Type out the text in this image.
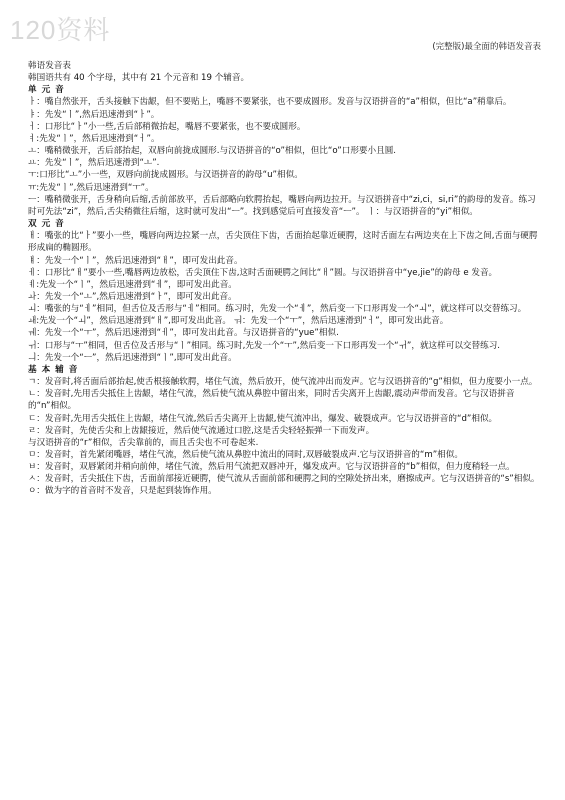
120资料
(完整版)最全面的韩语发音表

韩语发音表

韩国语共有 40 个字母，其中有 21 个元音和 19 个辅音。

单 元 音

ㅏ：嘴自然张开，舌头接触下齿龈，但不要贴上，嘴唇不要紧张，也不要成圆形。发音与汉语拼音的“a”相似，但比“a”稍靠后。

ㅑ：先发“ㅣ”,然后迅速滑到“ㅏ”。

ㅓ：口形比“ㅏ”小一些,舌后部稍微抬起，嘴唇不要紧张，也不要成圆形。

ㅕ:先发“ㅣ”，然后迅速滑到“ㅓ”。

ㅗ：嘴稍微张开，舌后部抬起，双唇向前拢成圆形.与汉语拼音的“o”相似，但比“o”口形要小且圆.

ㅛ：先发“ㅣ”，然后迅速滑到“ㅗ”.

ㅜ:口形比“ㅗ”小一些，双唇向前拢成圆形。与汉语拼音的韵母“u”相似。

ㅠ:先发“ㅣ”,然后迅速滑到“ㅜ”。

ㅡ：嘴稍微张开，舌身稍向后缩,舌前部放平，舌后部略向软腭抬起，嘴唇向两边拉开。与汉语拼音中“zi,ci，si,ri”的韵母的发音。练习时可先法“zi”，然后,舌尖稍微往后缩，这时就可发出“ㅡ”。找到感觉后可直接发音“ㅡ”。 ㅣ：与汉语拼音的“yi”相似。

双 元 音

ㅐ：嘴张的比“ㅏ”要小一些，嘴唇向两边拉紧一点，舌尖顶住下齿，舌面抬起靠近硬腭，这时舌面左右两边夹在上下齿之间,舌面与硬腭形成扁的椭圆形。

ㅒ：先发一个“ㅣ”，然后迅速滑到“ㅐ”，即可发出此音。

ㅔ：口形比“ㅐ”要小一些,嘴唇两边放松，舌尖顶住下齿,这时舌面硬腭之间比“ㅐ”圆。与汉语拼音中“ye,jie”的韵母 e 发音。

ㅖ:先发一个“ㅣ”，然后迅速滑到“ㅔ”，即可发出此音。

ㅘ：先发一个“ㅗ”,然后迅速滑到“ㅏ”，即可发出此音。

ㅚ：嘴张的与“ㅔ”相同，但舌位及舌形与“ㅔ”相同。练习时，先发一个“ㅔ”，然后变一下口形再发一个“ㅚ”，就这样可以交替练习。

ㅙ:先发一个“ㅚ”，然后迅速滑到“ㅐ”,即可发出此音。 ㅝ：先发一个“ㅜ”，然后迅速滑到“ㅓ”，即可发出此音。

ㅞ：先发一个“ㅜ”，然后迅速滑到“ㅔ”，即可发出此音。与汉语拼音的“yue”相似.

ㅟ：口形与“ㅜ”相同，但舌位及舌形与“ㅣ”相同。练习时,先发一个“ㅜ”,然后变一下口形再发一个“ㅟ”，就这样可以交替练习.

ㅢ：先发一个“ㅡ”，然后迅速滑到“ㅣ”,即可发出此音。

基 本 辅 音

ㄱ：发音时,将舌面后部抬起,使舌根接触软腭，堵住气流，然后放开，使气流冲出而发声。它与汉语拼音的“g”相似，但力度要小一点。

ㄴ：发音时,先用舌尖抵住上齿龈，堵住气流，然后使气流从鼻腔中留出来，同时舌尖离开上齿龈,震动声带而发音。它与汉语拼音的“n”相似。

ㄷ：发音时,先用舌尖抵住上齿龈，堵住气流,然后舌尖离开上齿龈,使气流冲出，爆发、破裂成声。它与汉语拼音的“d”相似。

ㄹ：发音时，先使舌尖和上齿龈接近，然后使气流通过口腔,这是舌尖轻轻振弹一下而发声。

与汉语拼音的“r”相似，舌尖靠前的，而且舌尖也不可卷起来.

ㅁ：发音时，首先紧闭嘴唇，堵住气流，然后使气流从鼻腔中流出的同时,双唇破裂成声.它与汉语拼音的“m”相似。

ㅂ：发音时，双唇紧闭并稍向前伸，堵住气流，然后用气流把双唇冲开，爆发成声。它与汉语拼音的“b”相似，但力度稍轻一点。

ㅅ：发音时，舌尖抵住下齿，舌面前部接近硬腭，使气流从舌面前部和硬腭之间的空隙处挤出来，磨擦成声。它与汉语拼音的“s”相似。

ㅇ：做为字的首音时不发音，只是起到装饰作用。
